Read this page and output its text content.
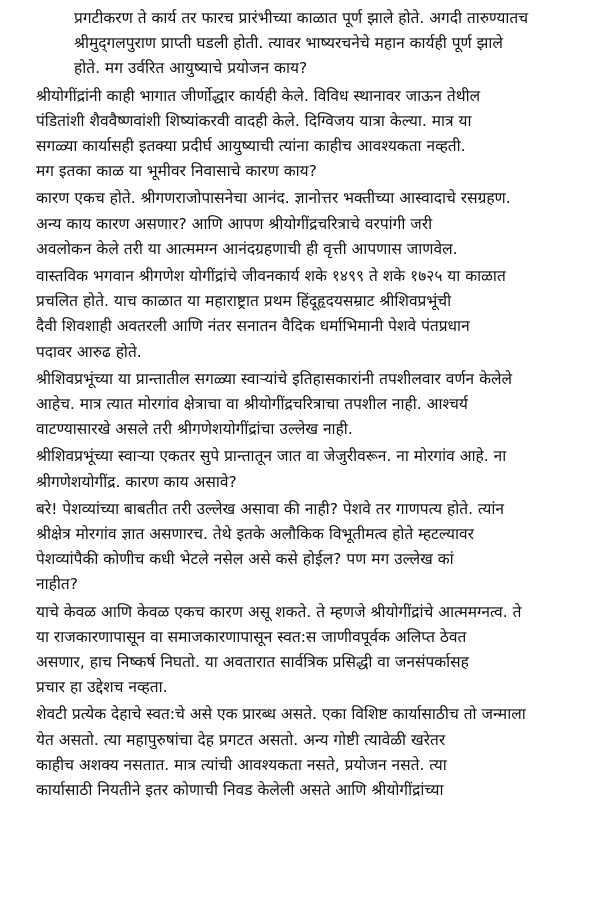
प्रगटीकरण ते कार्य तर फारच प्रारंभीच्या काळात पूर्ण झाले होते. अगदी तारुण्यातच
श्रीमुद्‌गलपुराण प्राप्ती घडली होती. त्यावर भाष्यरचनेचे महान कार्यही पूर्ण झाले
होते. मग उर्वरित आयुष्याचे प्रयोजन काय?
श्रीयोगींद्रांनी काही भागात जीर्णोद्धार कार्यही केले. विविध स्थानावर जाऊन तेथील
पंडितांशी शैववैष्णवांशी शिष्यांकरवी वादही केले. दिग्विजय यात्रा केल्या. मात्र या
सगळ्या कार्यासही इतक्या प्रदीर्घ आयुष्याची त्यांना काहीच आवश्यकता नव्हती.
मग इतका काळ या भूमीवर निवासाचे कारण काय?
कारण एकच होते. श्रीगणराजोपासनेचा आनंद. ज्ञानोत्तर भक्तीच्या आस्वादाचे रसग्रहण.
अन्य काय कारण असणार? आणि आपण श्रीयोगींद्रचरित्राचे वरपांगी जरी
अवलोकन केले तरी या आत्ममग्न आनंदग्रहणाची ही वृत्ती आपणास जाणवेल.
वास्तविक भगवान श्रीगणेश योगींद्रांचे जीवनकार्य शके १४९९ ते शके १७२५ या काळात
प्रचलित होते. याच काळात या महाराष्ट्रात प्रथम हिंदूहृदयसम्राट श्रीशिवप्रभूंची
दैवी शिवशाही अवतरली आणि नंतर सनातन वैदिक धर्माभिमानी पेशवे पंतप्रधान
पदावर आरुढ होते.
श्रीशिवप्रभूंच्या या प्रान्तातील सगळ्या स्वाऱ्यांचे इतिहासकारांनी तपशीलवार वर्णन केलेले
आहेच. मात्र त्यात मोरगांव क्षेत्राचा वा श्रीयोगींद्रचरित्राचा तपशील नाही. आश्चर्य
वाटण्यासारखे असले तरी श्रीगणेशयोगींद्रांचा उल्लेख नाही.
श्रीशिवप्रभूंच्या स्वाऱ्या एकतर सुपे प्रान्तातून जात वा जेजुरीवरून. ना मोरगांव आहे. ना
श्रीगणेशयोगींद्र. कारण काय असावे?
बरे! पेशव्यांच्या बाबतीत तरी उल्लेख असावा की नाही? पेशवे तर गाणपत्य होते. त्यांन
श्रीक्षेत्र मोरगांव ज्ञात असणारच. तेथे इतके अलौकिक विभूतीमत्व होते म्हटल्यावर
पेशव्यांपैकी कोणीच कधी भेटले नसेल असे कसे होईल? पण मग उल्लेख कां
नाहीत?
याचे केवळ आणि केवळ एकच कारण असू शकते. ते म्हणजे श्रीयोगींद्रांचे आत्ममग्नत्व. ते
या राजकारणापासून वा समाजकारणापासून स्वत:स जाणीवपूर्वक अलिप्त ठेवत
असणार, हाच निष्कर्ष निघतो. या अवतारात सार्वत्रिक प्रसिद्धी वा जनसंपर्कासह
प्रचार हा उद्देशच नव्हता.
शेवटी प्रत्येक देहाचे स्वत:चे असे एक प्रारब्ध असते. एका विशिष्ट कार्यासाठीच तो जन्माला
येत असतो. त्या महापुरुषांचा देह प्रगटत असतो. अन्य गोष्टी त्यावेळी खरेतर
काहीच अशक्य नसतात. मात्र त्यांची आवश्यकता नसते, प्रयोजन नसते. त्या
कार्यासाठी नियतीने इतर कोणाची निवड केलेली असते आणि श्रीयोगींद्रांच्या
